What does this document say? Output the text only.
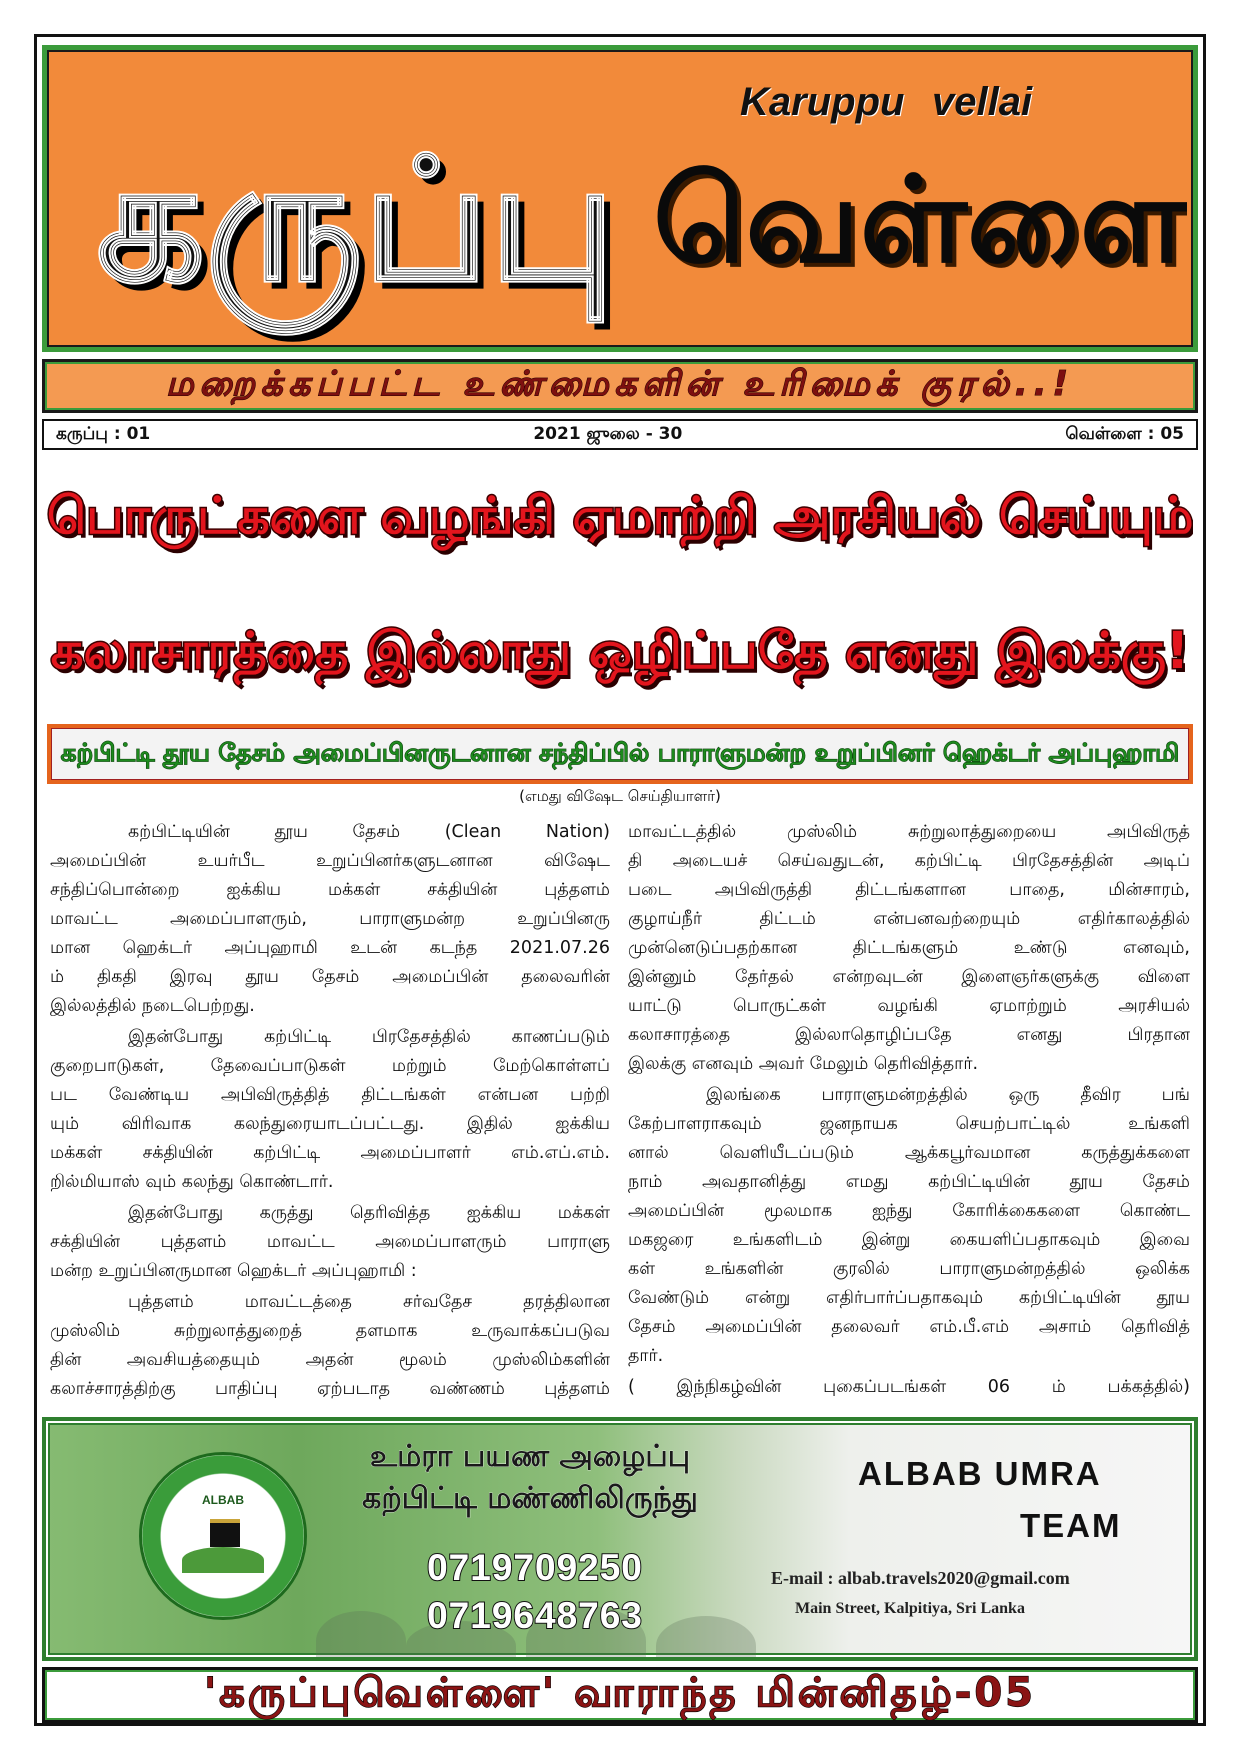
கருப்பு வெள்ளை
Karuppu vellai
மறைக்கப்பட்ட உண்மைகளின் உரிமைக் குரல்..!
கருப்பு : 01	2021 ஜுலை - 30	வெள்ளை : 05
பொருட்களை வழங்கி ஏமாற்றி அரசியல் செய்யும்
கலாசாரத்தை இல்லாது ஒழிப்பதே எனது இலக்கு!
கற்பிட்டி தூய தேசம் அமைப்பினருடனான சந்திப்பில் பாராளுமன்ற உறுப்பினர் ஹெக்டர் அப்புஹாமி
(எமது விஷேட செய்தியாளர்)
கற்பிட்டியின் தூய தேசம் (Clean Nation)
அமைப்பின் உயர்பீட உறுப்பினர்களுடனான விஷேட
சந்திப்பொன்றை ஐக்கிய மக்கள் சக்தியின் புத்தளம்
மாவட்ட அமைப்பாளரும், பாராளுமன்ற உறுப்பினரு
மான ஹெக்டர் அப்புஹாமி உடன் கடந்த 2021.07.26
ம் திகதி இரவு தூய தேசம் அமைப்பின் தலைவரின்
இல்லத்தில் நடைபெற்றது.
இதன்போது கற்பிட்டி பிரதேசத்தில் காணப்படும்
குறைபாடுகள், தேவைப்பாடுகள் மற்றும் மேற்கொள்ளப்
பட வேண்டிய அபிவிருத்தித் திட்டங்கள் என்பன பற்றி
யும் விரிவாக கலந்துரையாடப்பட்டது. இதில் ஐக்கிய
மக்கள் சக்தியின் கற்பிட்டி அமைப்பாளர் எம்.எப்.எம்.
றில்மியாஸ் வும் கலந்து கொண்டார்.
இதன்போது கருத்து தெரிவித்த ஐக்கிய மக்கள்
சக்தியின் புத்தளம் மாவட்ட அமைப்பாளரும் பாராளு
மன்ற உறுப்பினருமான ஹெக்டர் அப்புஹாமி :
புத்தளம் மாவட்டத்தை சர்வதேச தரத்திலான
முஸ்லிம் சுற்றுலாத்துறைத் தளமாக உருவாக்கப்படுவ
தின் அவசியத்தையும் அதன் மூலம் முஸ்லிம்களின்
கலாச்சாரத்திற்கு பாதிப்பு ஏற்படாத வண்ணம் புத்தளம்
மாவட்டத்தில் முஸ்லிம் சுற்றுலாத்துறையை அபிவிருத்
தி அடையச் செய்வதுடன், கற்பிட்டி பிரதேசத்தின் அடிப்
படை அபிவிருத்தி திட்டங்களான பாதை, மின்சாரம்,
குழாய்நீர் திட்டம் என்பனவற்றையும் எதிர்காலத்தில்
முன்னெடுப்பதற்கான திட்டங்களும் உண்டு எனவும்,
இன்னும் தேர்தல் என்றவுடன் இளைஞர்களுக்கு விளை
யாட்டு பொருட்கள் வழங்கி ஏமாற்றும் அரசியல்
கலாசாரத்தை இல்லாதொழிப்பதே எனது பிரதான
இலக்கு எனவும் அவர் மேலும் தெரிவித்தார்.
இலங்கை பாராளுமன்றத்தில் ஒரு தீவிர பங்
கேற்பாளராகவும் ஜனநாயக செயற்பாட்டில் உங்களி
னால் வெளியீடப்படும் ஆக்கபூர்வமான கருத்துக்களை
நாம் அவதானித்து எமது கற்பிட்டியின் தூய தேசம்
அமைப்பின் மூலமாக ஐந்து கோரிக்கைகளை கொண்ட
மகஜரை உங்களிடம் இன்று கையளிப்பதாகவும் இவை
கள் உங்களின் குரலில் பாராளுமன்றத்தில் ஒலிக்க
வேண்டும் என்று எதிர்பார்ப்பதாகவும் கற்பிட்டியின் தூய
தேசம் அமைப்பின் தலைவர் எம்.பீ.எம் அசாம் தெரிவித்
தார்.
( இந்நிகழ்வின் புகைப்படங்கள் 06 ம் பக்கத்தில்)
ALBAB
உம்ரா பயண அழைப்பு
கற்பிட்டி மண்ணிலிருந்து
0719709250
0719648763
ALBAB UMRA
TEAM
E-mail : albab.travels2020@gmail.com
Main Street, Kalpitiya, Sri Lanka
'கருப்புவெள்ளை' வாராந்த மின்னிதழ்-05
